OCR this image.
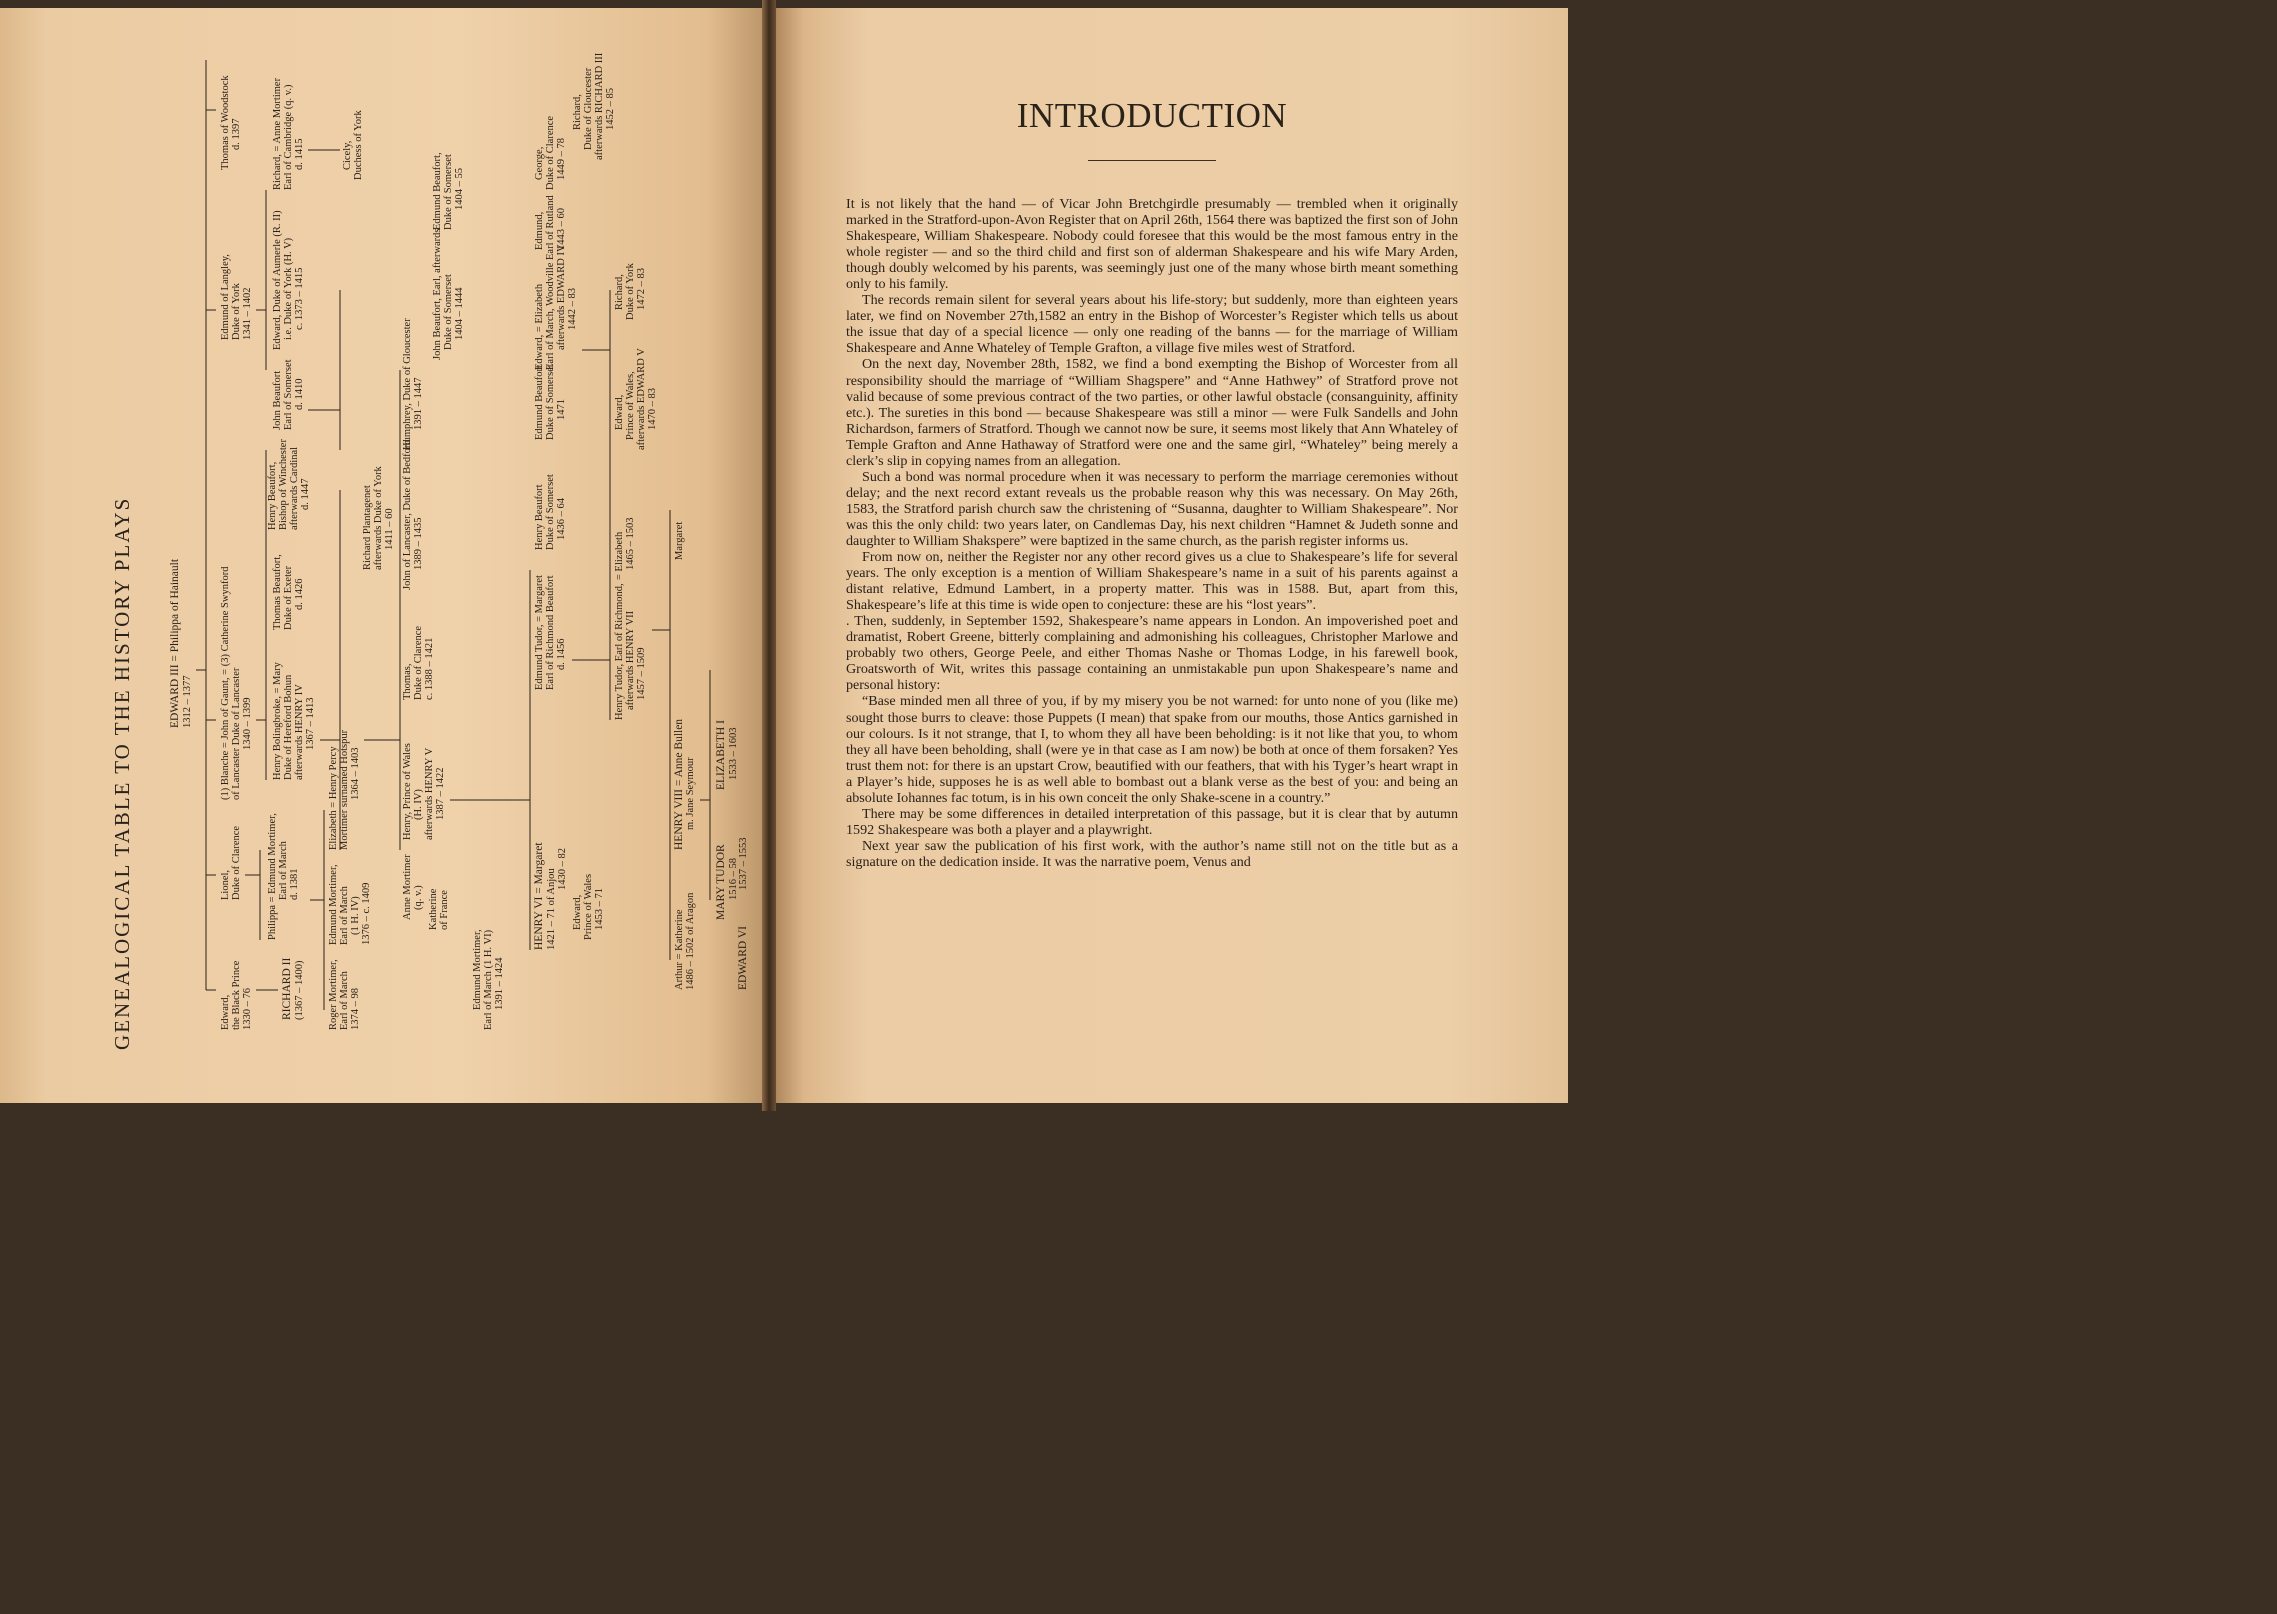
GENEALOGICAL TABLE TO THE HISTORY PLAYS	EDWARD III = Philippa of Hainault 1312 – 1377
Edward, the Black Prince 1330 – 76
Lionel, Duke of Clarence
(1) Blanche = John of Gaunt, = (3) Catherine Swynford of Lancaster Duke of Lancaster 1340 – 1399
Edmund of Langley, Duke of York 1341 – 1402
Thomas of Woodstock d. 1397
RICHARD II (1367 – 1400)
Philippa = Edmund Mortimer, Earl of March d. 1381
Henry Bolingbroke, = Mary Duke of Hereford Bohun afterwards HENRY IV 1367 – 1413
Thomas Beaufort, Duke of Exeter d. 1426
Henry Beaufort, Bishop of Winchester afterwards Cardinal d. 1447
John Beaufort Earl of Somerset d. 1410
Edward, Duke of Aumerle (R. II) i.e. Duke of York (H. V) c. 1373 – 1415
Richard, = Anne Mortimer Earl of Cambridge (q. v.) d. 1415
Roger Mortimer, Earl of March 1374 – 98
Edmund Mortimer, Earl of March (1 H. IV) 1376 – c. 1409
Elizabeth = Henry Percy Mortimer surnamed Hotspur 1364 – 1403
Richard Plantagenet afterwards Duke of York 1411 – 60
Cicely, Duchess of York
Anne Mortimer (q. v.)
Henry, Prince of Wales (H. IV) afterwards HENRY V 1387 – 1422
Katherine of France
Thomas, Duke of Clarence c. 1388 – 1421
John of Lancaster, Duke of Bedford 1389 – 1435
Humphrey, Duke of Gloucester 1391 – 1447
John Beaufort, Earl, afterwards Duke of Somerset 1404 – 1444
Edmund Beaufort, Duke of Somerset 1404 – 55
Edmund Mortimer, Earl of March (1 H. VI) 1391 – 1424
HENRY VI = Margaret 1421 – 71 of Anjou 1430 – 82
Edward, Prince of Wales 1453 – 71
Edmund Tudor, = Margaret Earl of Richmond Beaufort d. 1456
Henry Beaufort Duke of Somerset 1436 – 64
Edmund Beaufort Duke of Somerset 1471
Edward, = Elizabeth Earl of March, Woodville afterwards EDWARD IV 1442 – 83
Edmund, Earl of Rutland 1443 – 60
George, Duke of Clarence 1449 – 78
Richard, Duke of Gloucester afterwards RICHARD III 1452 – 85
Henry Tudor, Earl of Richmond, afterwards HENRY VII 1457 – 1509
= Elizabeth 1465 – 1503
Edward, Prince of Wales, afterwards EDWARD V 1470 – 83
Richard, Duke of York 1472 – 83
Arthur = Katherine 1486 – 1502 of Aragon
HENRY VIII = Anne Bullen m. Jane Seymour
Margaret
MARY TUDOR 1516 – 58
ELIZABETH I 1533 – 1603
EDWARD VI
1537 – 1553
INTRODUCTION

It is not likely that the hand — of Vicar John Bretchgirdle presumably — trembled when it originally marked in the Stratford-upon-Avon Register that on April 26th, 1564 there was baptized the first son of John Shakespeare, William Shakespeare. Nobody could foresee that this would be the most famous entry in the whole register — and so the third child and first son of alderman Shakespeare and his wife Mary Arden, though doubly welcomed by his parents, was seemingly just one of the many whose birth meant something only to his family.

The records remain silent for several years about his life-story; but suddenly, more than eighteen years later, we find on November 27th,1582 an entry in the Bishop of Worcester’s Register which tells us about the issue that day of a special licence — only one reading of the banns — for the marriage of William Shakespeare and Anne Whateley of Temple Grafton, a village five miles west of Stratford.

On the next day, November 28th, 1582, we find a bond exempting the Bishop of Worcester from all responsibility should the marriage of “William Shagspere” and “Anne Hathwey” of Stratford prove not valid because of some previous contract of the two parties, or other lawful obstacle (consanguinity, affinity etc.). The sureties in this bond — because Shakespeare was still a minor — were Fulk Sandells and John Richardson, farmers of Stratford. Though we cannot now be sure, it seems most likely that Ann Whateley of Temple Grafton and Anne Hathaway of Stratford were one and the same girl, “Whateley” being merely a clerk’s slip in copying names from an allegation.

Such a bond was normal procedure when it was necessary to perform the marriage ceremonies without delay; and the next record extant reveals us the probable reason why this was necessary. On May 26th, 1583, the Stratford parish church saw the christening of “Susanna, daughter to William Shakespeare”. Nor was this the only child: two years later, on Candlemas Day, his next children “Hamnet & Judeth sonne and daughter to William Shakspere” were baptized in the same church, as the parish register informs us.

From now on, neither the Register nor any other record gives us a clue to Shakespeare’s life for several years. The only exception is a mention of William Shakespeare’s name in a suit of his parents against a distant relative, Edmund Lambert, in a property matter. This was in 1588. But, apart from this, Shakespeare’s life at this time is wide open to conjecture: these are his “lost years”.

. Then, suddenly, in September 1592, Shakespeare’s name appears in London. An impoverished poet and dramatist, Robert Greene, bitterly complaining and admonishing his colleagues, Christopher Marlowe and probably two others, George Peele, and either Thomas Nashe or Thomas Lodge, in his farewell book, Groatsworth of Wit, writes this passage containing an unmistakable pun upon Shakespeare’s name and personal history:

“Base minded men all three of you, if by my misery you be not warned: for unto none of you (like me) sought those burrs to cleave: those Puppets (I mean) that spake from our mouths, those Antics garnished in our colours. Is it not strange, that I, to whom they all have been beholding: is it not like that you, to whom they all have been beholding, shall (were ye in that case as I am now) be both at once of them forsaken? Yes trust them not: for there is an upstart Crow, beautified with our feathers, that with his Tyger’s heart wrapt in a Player’s hide, supposes he is as well able to bombast out a blank verse as the best of you: and being an absolute Iohannes fac totum, is in his own conceit the only Shake-scene in a country.”

There may be some differences in detailed interpretation of this passage, but it is clear that by autumn 1592 Shakespeare was both a player and a playwright.

Next year saw the publication of his first work, with the author’s name still not on the title but as a signature on the dedication inside. It was the narrative poem, Venus and
